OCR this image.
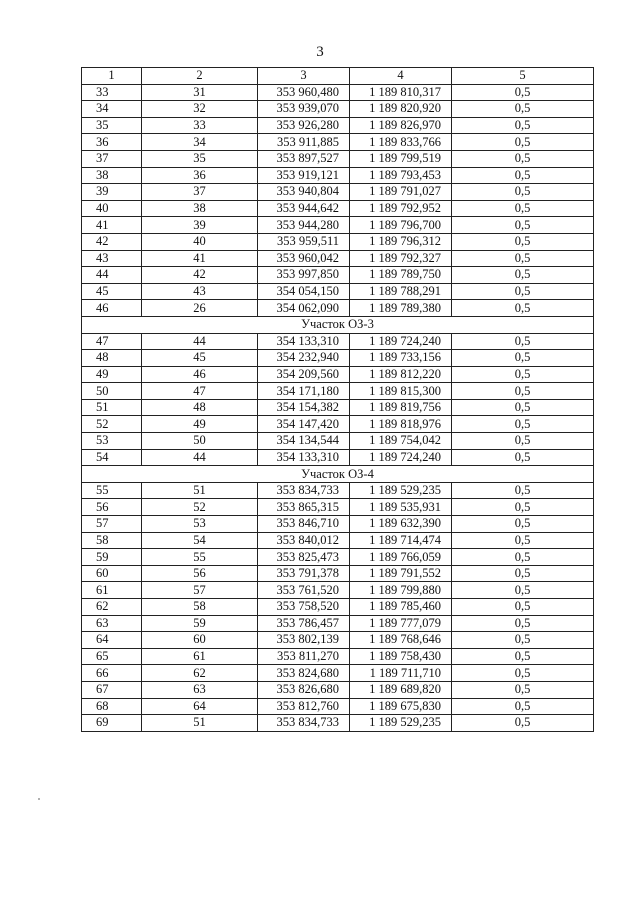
3
1	2	3	4	5
33	31	353 960,480	1 189 810,317	0,5
34	32	353 939,070	1 189 820,920	0,5
35	33	353 926,280	1 189 826,970	0,5
36	34	353 911,885	1 189 833,766	0,5
37	35	353 897,527	1 189 799,519	0,5
38	36	353 919,121	1 189 793,453	0,5
39	37	353 940,804	1 189 791,027	0,5
40	38	353 944,642	1 189 792,952	0,5
41	39	353 944,280	1 189 796,700	0,5
42	40	353 959,511	1 189 796,312	0,5
43	41	353 960,042	1 189 792,327	0,5
44	42	353 997,850	1 189 789,750	0,5
45	43	354 054,150	1 189 788,291	0,5
46	26	354 062,090	1 189 789,380	0,5
Участок ОЗ-3				
47	44	354 133,310	1 189 724,240	0,5
48	45	354 232,940	1 189 733,156	0,5
49	46	354 209,560	1 189 812,220	0,5
50	47	354 171,180	1 189 815,300	0,5
51	48	354 154,382	1 189 819,756	0,5
52	49	354 147,420	1 189 818,976	0,5
53	50	354 134,544	1 189 754,042	0,5
54	44	354 133,310	1 189 724,240	0,5
Участок ОЗ-4				
55	51	353 834,733	1 189 529,235	0,5
56	52	353 865,315	1 189 535,931	0,5
57	53	353 846,710	1 189 632,390	0,5
58	54	353 840,012	1 189 714,474	0,5
59	55	353 825,473	1 189 766,059	0,5
60	56	353 791,378	1 189 791,552	0,5
61	57	353 761,520	1 189 799,880	0,5
62	58	353 758,520	1 189 785,460	0,5
63	59	353 786,457	1 189 777,079	0,5
64	60	353 802,139	1 189 768,646	0,5
65	61	353 811,270	1 189 758,430	0,5
66	62	353 824,680	1 189 711,710	0,5
67	63	353 826,680	1 189 689,820	0,5
68	64	353 812,760	1 189 675,830	0,5
69	51	353 834,733	1 189 529,235	0,5
